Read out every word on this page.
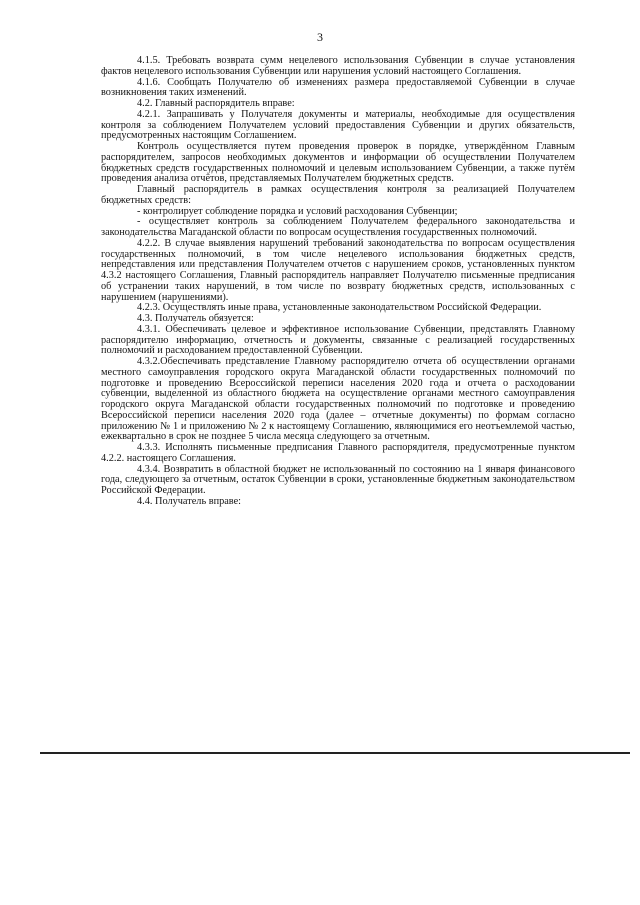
3

4.1.5. Требовать возврата сумм нецелевого использования Субвенции в случае установления фактов нецелевого использования Субвенции или нарушения условий настоящего Соглашения.

4.1.6. Сообщать Получателю об изменениях размера предоставляемой Субвенции в случае возникновения таких изменений.

4.2. Главный распорядитель вправе:

4.2.1. Запрашивать у Получателя документы и материалы, необходимые для осуществления контроля за соблюдением Получателем условий предоставления Субвенции и других обязательств, предусмотренных настоящим Соглашением.

Контроль осуществляется путем проведения проверок в порядке, утверждённом Главным распорядителем, запросов необходимых документов и информации об осуществлении Получателем бюджетных средств государственных полномочий и целевым использованием Субвенции, а также путём проведения анализа отчётов, представляемых Получателем бюджетных средств.

Главный распорядитель в рамках осуществления контроля за реализацией Получателем бюджетных средств:

- контролирует соблюдение порядка и условий расходования Субвенции;

- осуществляет контроль за соблюдением Получателем федерального законодательства и законодательства Магаданской области по вопросам осуществления государственных полномочий.

4.2.2. В случае выявления нарушений требований законодательства по вопросам осуществления государственных полномочий, в том числе нецелевого использования бюджетных средств, непредставления или представления Получателем отчетов с нарушением сроков, установленных пунктом 4.3.2 настоящего Соглашения, Главный распорядитель направляет Получателю письменные предписания об устранении таких нарушений, в том числе по возврату бюджетных средств, использованных с нарушением (нарушениями).

4.2.3. Осуществлять иные права, установленные законодательством Российской Федерации.

4.3. Получатель обязуется:

4.3.1. Обеспечивать целевое и эффективное использование Субвенции, представлять Главному распорядителю информацию, отчетность и документы, связанные с реализацией государственных полномочий и расходованием предоставленной Субвенции.

4.3.2.Обеспечивать представление Главному распорядителю отчета об осуществлении органами местного самоуправления городского округа Магаданской области государственных полномочий по подготовке и проведению Всероссийской переписи населения 2020 года и отчета о расходовании субвенции, выделенной из областного бюджета на осуществление органами местного самоуправления городского округа Магаданской области государственных полномочий по подготовке и проведению Всероссийской переписи населения 2020 года (далее – отчетные документы) по формам согласно приложению № 1 и приложению № 2 к настоящему Соглашению, являющимися его неотъемлемой частью, ежеквартально в срок не позднее 5 числа месяца следующего за отчетным.

4.3.3. Исполнять письменные предписания Главного распорядителя, предусмотренные пунктом 4.2.2. настоящего Соглашения.

4.3.4. Возвратить в областной бюджет не использованный по состоянию на 1 января финансового года, следующего за отчетным, остаток Субвенции в сроки, установленные бюджетным законодательством Российской Федерации.

4.4. Получатель вправе:
